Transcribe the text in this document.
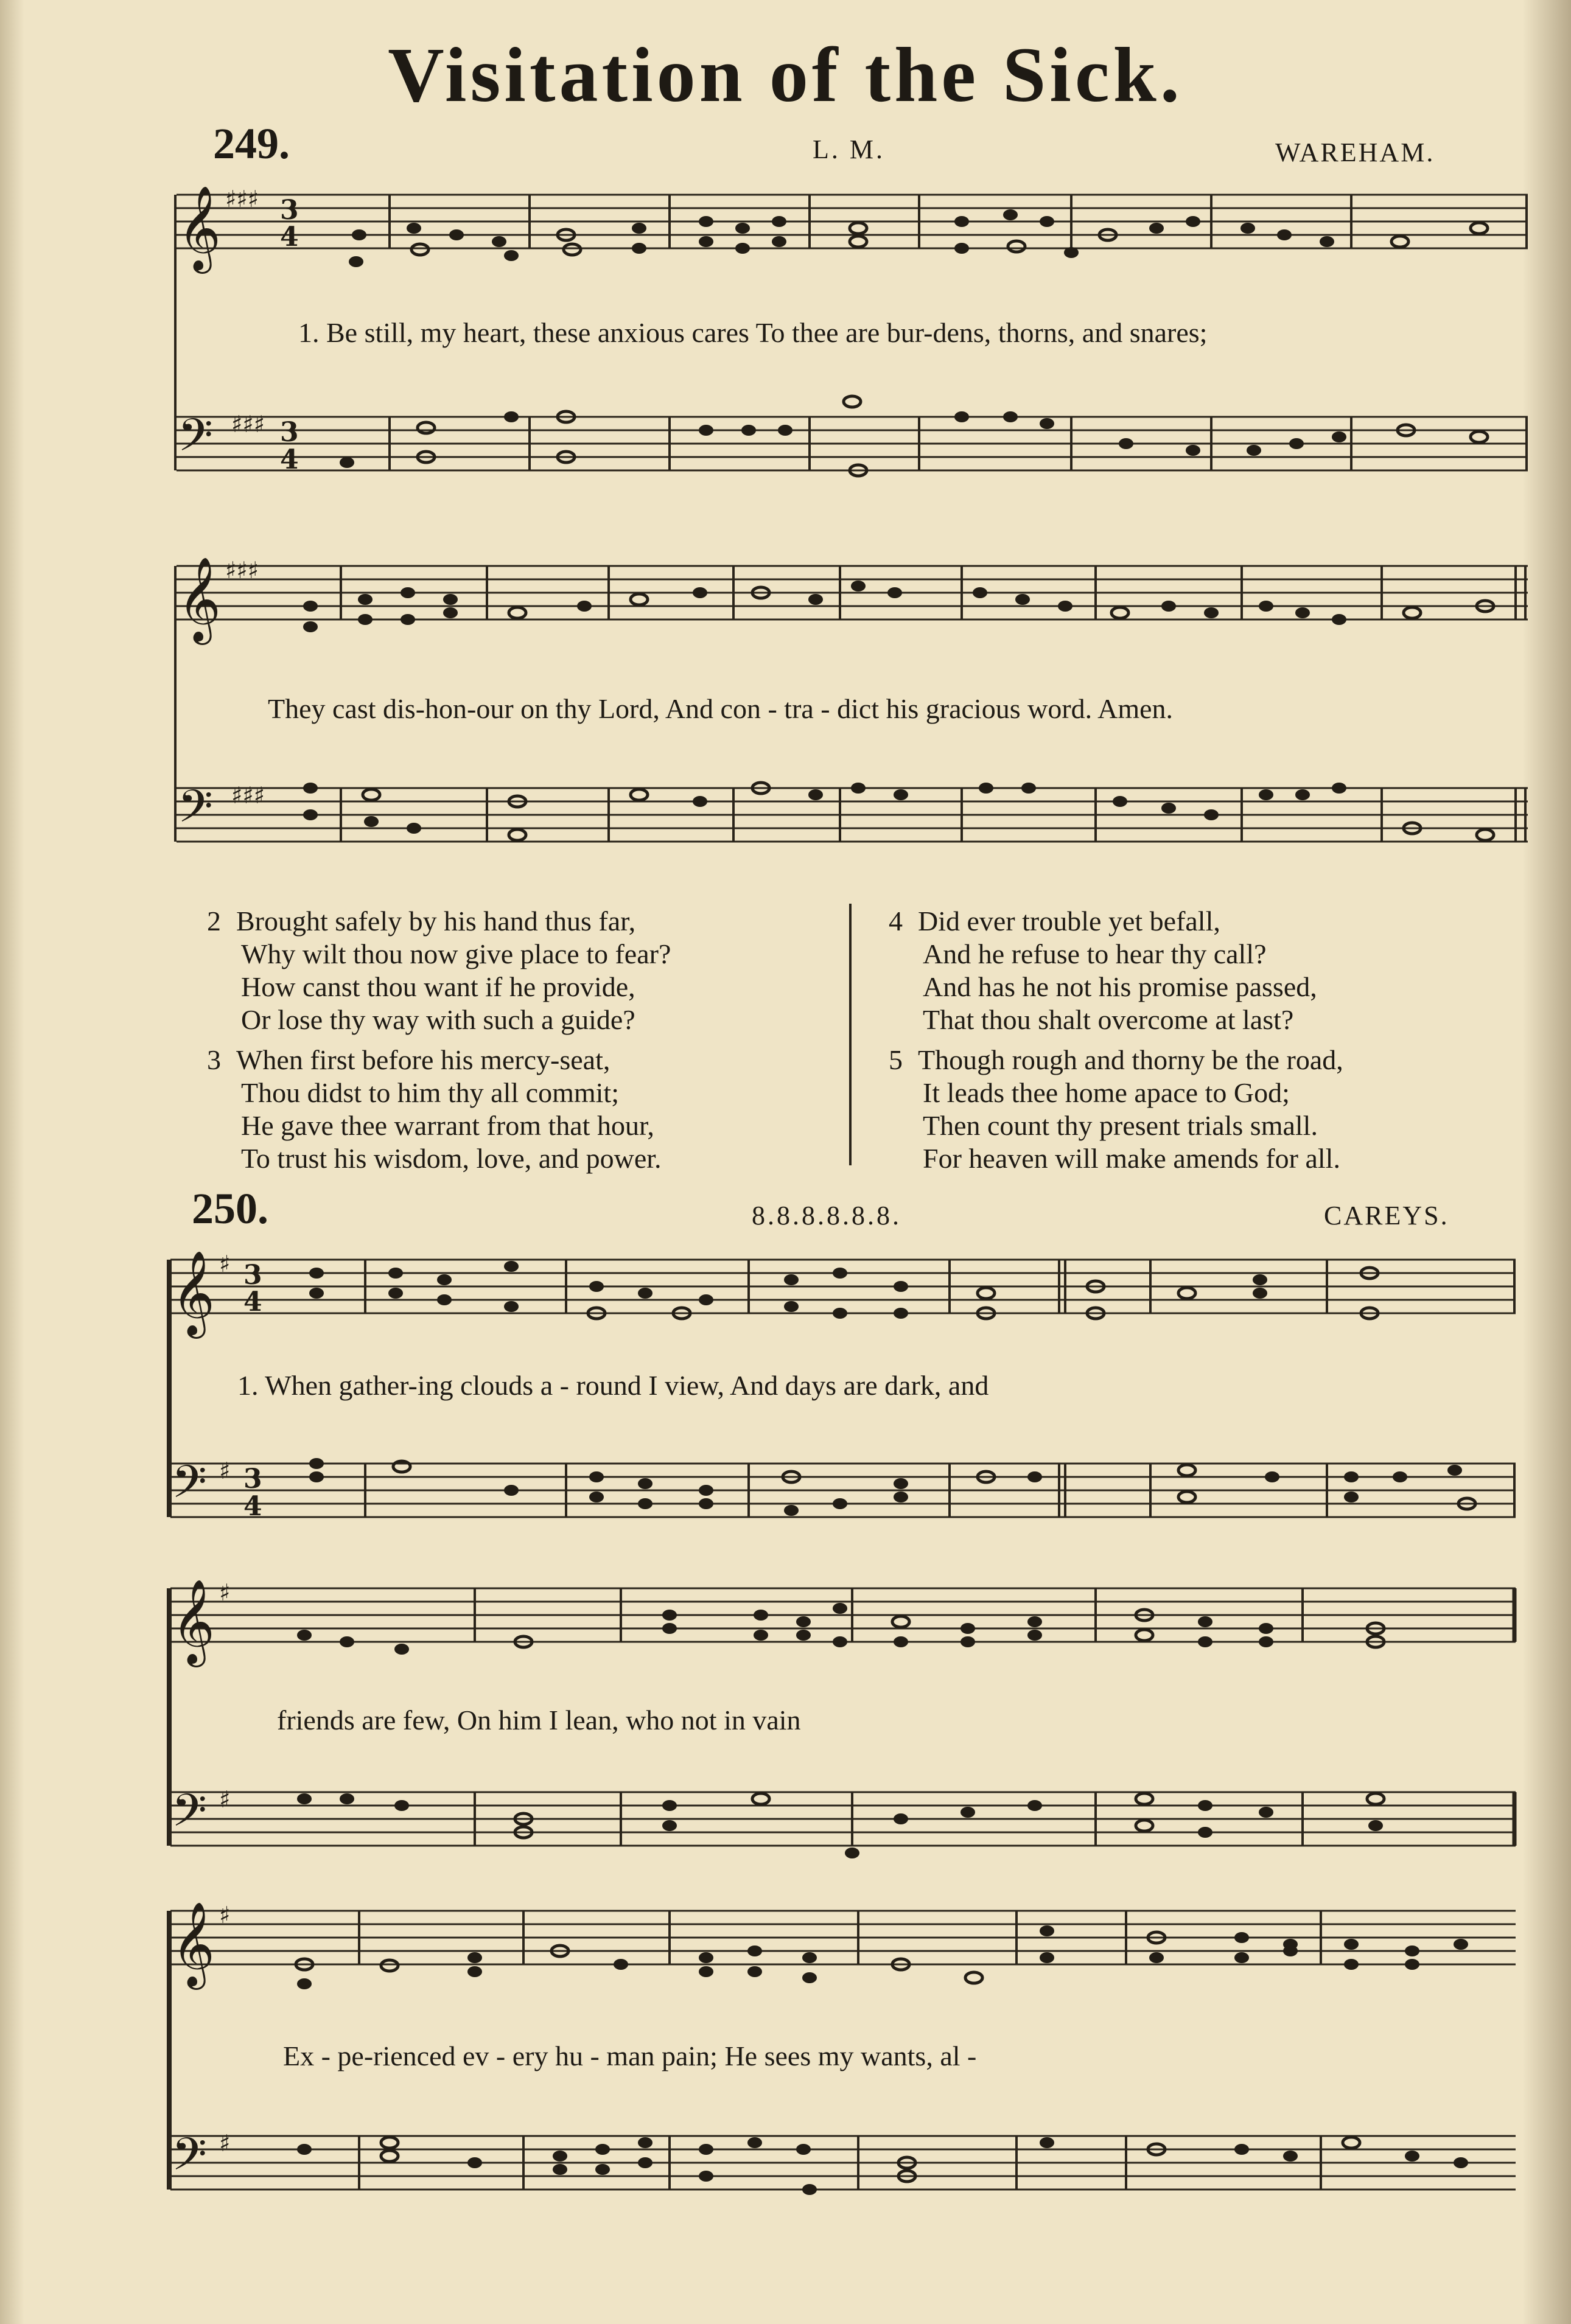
Visitation of the Sick.
249.	L. M.	WAREHAM.
𝄞 ♯♯♯ 3
4
𝄢 ♯♯♯ 3
4
1. Be still, my heart, these anxious cares To thee are bur-dens, thorns, and snares;
𝄞 ♯♯♯
𝄢 ♯♯♯
They cast dis-hon-our on thy Lord, And con - tra - dict his gracious word. Amen.
2 Brought safely by his hand thus far,
Why wilt thou now give place to fear?
How canst thou want if he provide,
Or lose thy way with such a guide?
3 When first before his mercy-seat,
Thou didst to him thy all commit;
He gave thee warrant from that hour,
To trust his wisdom, love, and power.
4 Did ever trouble yet befall,
And he refuse to hear thy call?
And has he not his promise passed,
That thou shalt overcome at last?
5 Though rough and thorny be the road,
It leads thee home apace to God;
Then count thy present trials small.
For heaven will make amends for all.
250.	8.8.8.8.8.8.	CAREYS.
𝄞 ♯ 3
4
𝄢 ♯ 3
4
1. When gather-ing clouds a - round I view, And days are dark, and
𝄞 ♯
𝄢 ♯
friends are few, On him I lean, who not in vain
𝄞 ♯
𝄢 ♯
Ex - pe-rienced ev - ery hu - man pain; He sees my wants, al -
